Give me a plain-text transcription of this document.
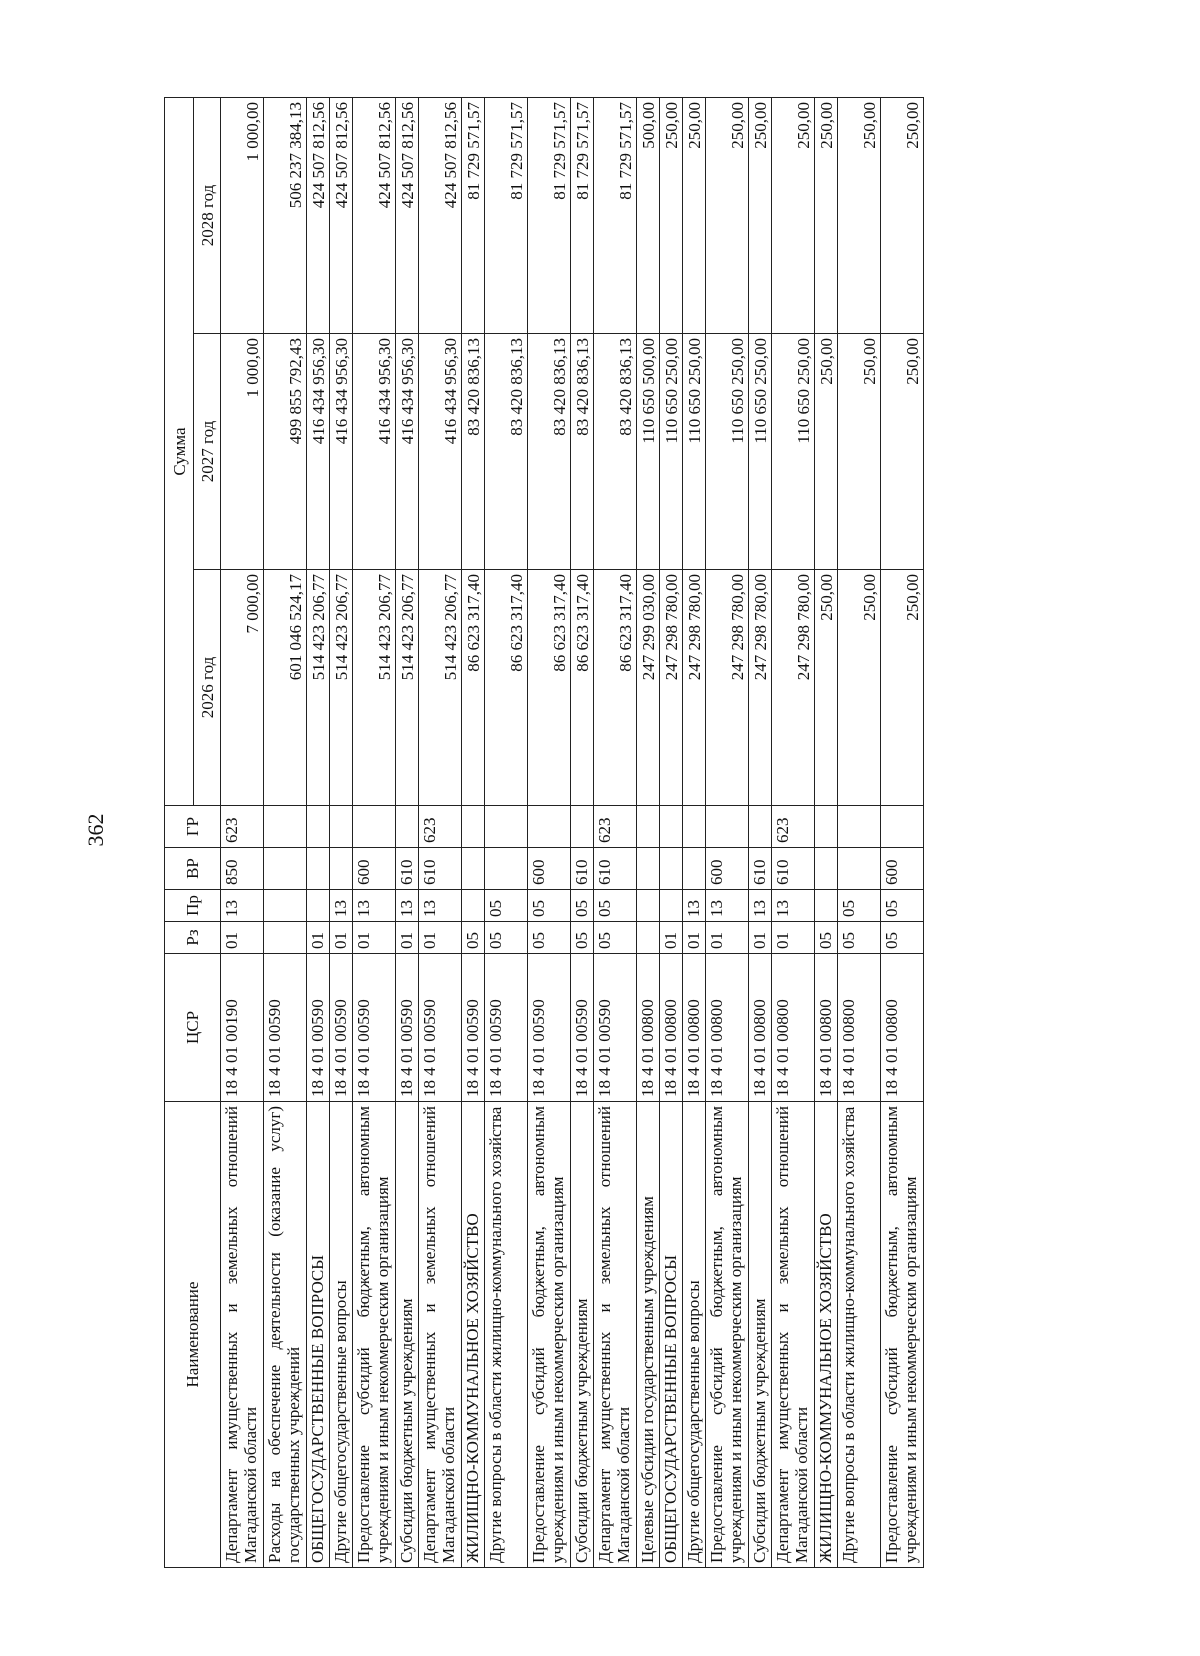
362
Наименование	ЦСР	Рз	Пр	ВР	ГР	Сумма		
						2026 год	2027 год	2028 год
Департамент имущественных и земельных отношений Магаданской области	18 4 01 00190	01	13	850	623	7 000,00	1 000,00	1 000,00
Расходы на обеспечение деятельности (оказание услуг) государственных учреждений	18 4 01 00590					601 046 524,17	499 855 792,43	506 237 384,13
ОБЩЕГОСУДАРСТВЕННЫЕ ВОПРОСЫ	18 4 01 00590	01				514 423 206,77	416 434 956,30	424 507 812,56
Другие общегосударственные вопросы	18 4 01 00590	01	13			514 423 206,77	416 434 956,30	424 507 812,56
Предоставление субсидий бюджетным, автономным учреждениям и иным некоммерческим организациям	18 4 01 00590	01	13	600		514 423 206,77	416 434 956,30	424 507 812,56
Субсидии бюджетным учреждениям	18 4 01 00590	01	13	610		514 423 206,77	416 434 956,30	424 507 812,56
Департамент имущественных и земельных отношений Магаданской области	18 4 01 00590	01	13	610	623	514 423 206,77	416 434 956,30	424 507 812,56
ЖИЛИЩНО-КОММУНАЛЬНОЕ ХОЗЯЙСТВО	18 4 01 00590	05				86 623 317,40	83 420 836,13	81 729 571,57
Другие вопросы в области жилищно-коммунального хозяйства	18 4 01 00590	05	05			86 623 317,40	83 420 836,13	81 729 571,57
Предоставление субсидий бюджетным, автономным учреждениям и иным некоммерческим организациям	18 4 01 00590	05	05	600		86 623 317,40	83 420 836,13	81 729 571,57
Субсидии бюджетным учреждениям	18 4 01 00590	05	05	610		86 623 317,40	83 420 836,13	81 729 571,57
Департамент имущественных и земельных отношений Магаданской области	18 4 01 00590	05	05	610	623	86 623 317,40	83 420 836,13	81 729 571,57
Целевые субсидии государственным учреждениям	18 4 01 00800					247 299 030,00	110 650 500,00	500,00
ОБЩЕГОСУДАРСТВЕННЫЕ ВОПРОСЫ	18 4 01 00800	01				247 298 780,00	110 650 250,00	250,00
Другие общегосударственные вопросы	18 4 01 00800	01	13			247 298 780,00	110 650 250,00	250,00
Предоставление субсидий бюджетным, автономным учреждениям и иным некоммерческим организациям	18 4 01 00800	01	13	600		247 298 780,00	110 650 250,00	250,00
Субсидии бюджетным учреждениям	18 4 01 00800	01	13	610		247 298 780,00	110 650 250,00	250,00
Департамент имущественных и земельных отношений Магаданской области	18 4 01 00800	01	13	610	623	247 298 780,00	110 650 250,00	250,00
ЖИЛИЩНО-КОММУНАЛЬНОЕ ХОЗЯЙСТВО	18 4 01 00800	05				250,00	250,00	250,00
Другие вопросы в области жилищно-коммунального хозяйства	18 4 01 00800	05	05			250,00	250,00	250,00
Предоставление субсидий бюджетным, автономным учреждениям и иным некоммерческим организациям	18 4 01 00800	05	05	600		250,00	250,00	250,00
